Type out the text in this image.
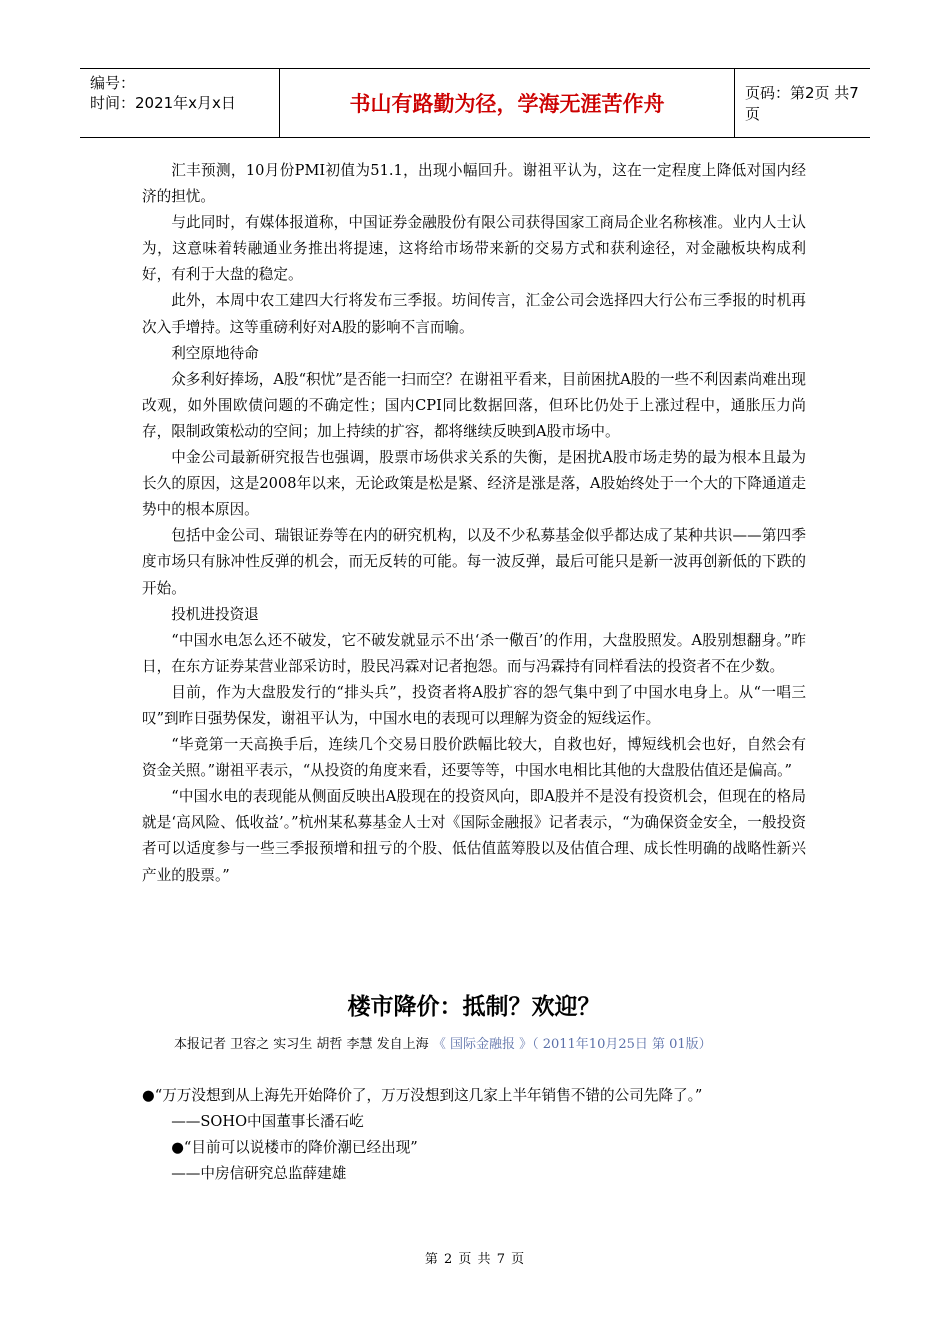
编号：
时间：2021年x月x日	书山有路勤为径，学海无涯苦作舟	页码：第2页 共7页

汇丰预测，10月份PMI初值为51.1，出现小幅回升。谢祖平认为，这在一定程度上降低对国内经济的担忧。

与此同时，有媒体报道称，中国证券金融股份有限公司获得国家工商局企业名称核准。业内人士认为，这意味着转融通业务推出将提速，这将给市场带来新的交易方式和获利途径，对金融板块构成利好，有利于大盘的稳定。

此外，本周中农工建四大行将发布三季报。坊间传言，汇金公司会选择四大行公布三季报的时机再次入手增持。这等重磅利好对A股的影响不言而喻。

利空原地待命

众多利好捧场，A股“积忧”是否能一扫而空？在谢祖平看来，目前困扰A股的一些不利因素尚难出现改观，如外围欧债问题的不确定性；国内CPI同比数据回落，但环比仍处于上涨过程中，通胀压力尚存，限制政策松动的空间；加上持续的扩容，都将继续反映到A股市场中。

中金公司最新研究报告也强调，股票市场供求关系的失衡，是困扰A股市场走势的最为根本且最为长久的原因，这是2008年以来，无论政策是松是紧、经济是涨是落，A股始终处于一个大的下降通道走势中的根本原因。

包括中金公司、瑞银证券等在内的研究机构，以及不少私募基金似乎都达成了某种共识——第四季度市场只有脉冲性反弹的机会，而无反转的可能。每一波反弹，最后可能只是新一波再创新低的下跌的开始。

投机进投资退

“中国水电怎么还不破发，它不破发就显示不出‘杀一儆百’的作用，大盘股照发。A股别想翻身。”昨日，在东方证券某营业部采访时，股民冯霖对记者抱怨。而与冯霖持有同样看法的投资者不在少数。

目前，作为大盘股发行的“排头兵”，投资者将A股扩容的怨气集中到了中国水电身上。从“一唱三叹”到昨日强势保发，谢祖平认为，中国水电的表现可以理解为资金的短线运作。

“毕竟第一天高换手后，连续几个交易日股价跌幅比较大，自救也好，博短线机会也好，自然会有资金关照。”谢祖平表示，“从投资的角度来看，还要等等，中国水电相比其他的大盘股估值还是偏高。”

“中国水电的表现能从侧面反映出A股现在的投资风向，即A股并不是没有投资机会，但现在的格局就是‘高风险、低收益’。”杭州某私募基金人士对《国际金融报》记者表示，“为确保资金安全，一般投资者可以适度参与一些三季报预增和扭亏的个股、低估值蓝筹股以及估值合理、成长性明确的战略性新兴产业的股票。”

楼市降价：抵制？欢迎？
本报记者 卫容之 实习生 胡哲 李慧 发自上海 《 国际金融报 》（ 2011年10月25日 第 01版）

●“万万没想到从上海先开始降价了，万万没想到这几家上半年销售不错的公司先降了。”

——SOHO中国董事长潘石屹

●“目前可以说楼市的降价潮已经出现”

——中房信研究总监薛建雄

第 2 页 共 7 页
